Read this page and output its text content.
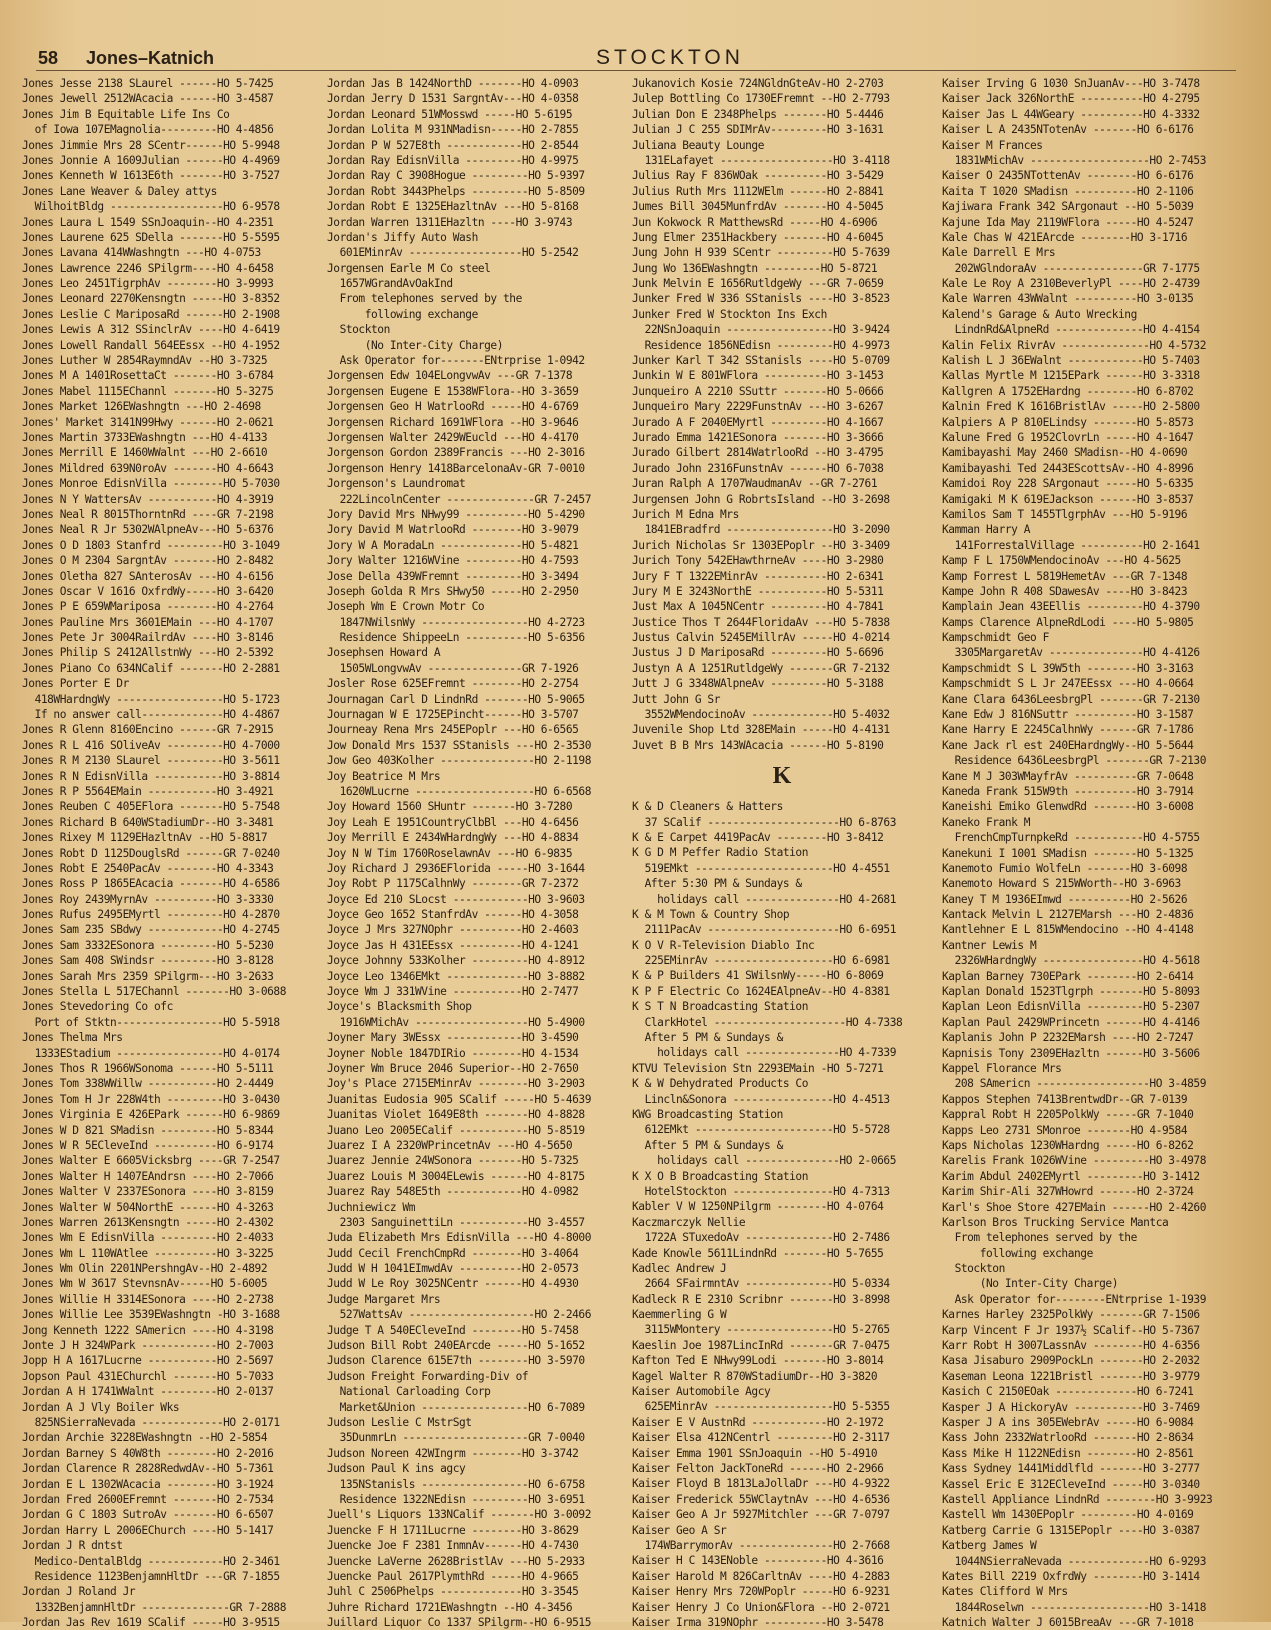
58 Jones–Katnich	STOCKTON
Jones Jesse 2138 SLaurel ------HO 5-7425
Jones Jewell 2512WAcacia ------HO 3-4587
Jones Jim B Equitable Life Ins Co
of Iowa 107EMagnolia---------HO 4-4856
Jones Jimmie Mrs 28 SCentr------HO 5-9948
Jones Jonnie A 1609Julian ------HO 4-4969
Jones Kenneth W 1613E6th -------HO 3-7527
Jones Lane Weaver & Daley attys
WilhoitBldg ------------------HO 6-9578
Jones Laura L 1549 SSnJoaquin--HO 4-2351
Jones Laurene 625 SDella -------HO 5-5595
Jones Lavana 414WWashngtn ---HO 4-0753
Jones Lawrence 2246 SPilgrm----HO 4-6458
Jones Leo 2451TigrphAv --------HO 3-9993
Jones Leonard 2270Kensngtn -----HO 3-8352
Jones Leslie C MariposaRd ------HO 2-1908
Jones Lewis A 312 SSinclrAv ----HO 4-6419
Jones Lowell Randall 564EEssx --HO 4-1952
Jones Luther W 2854RaymndAv --HO 3-7325
Jones M A 1401RosettaCt -------HO 3-6784
Jones Mabel 1115EChannl -------HO 5-3275
Jones Market 126EWashngtn ---HO 2-4698
Jones' Market 3141N99Hwy ------HO 2-0621
Jones Martin 3733EWashngtn ---HO 4-4133
Jones Merrill E 1460WWalnt ---HO 2-6610
Jones Mildred 639N0roAv -------HO 4-6643
Jones Monroe EdisnVilla --------HO 5-7030
Jones N Y WattersAv -----------HO 4-3919
Jones Neal R 8015ThorntnRd ----GR 7-2198
Jones Neal R Jr 5302WAlpneAv---HO 5-6376
Jones O D 1803 Stanfrd ---------HO 3-1049
Jones O M 2304 SargntAv -------HO 2-8482
Jones Oletha 827 SAnterosAv ---HO 4-6156
Jones Oscar V 1616 OxfrdWy-----HO 3-6420
Jones P E 659WMariposa --------HO 4-2764
Jones Pauline Mrs 3601EMain ---HO 4-1707
Jones Pete Jr 3004RailrdAv ----HO 3-8146
Jones Philip S 2412AllstnWy ---HO 2-5392
Jones Piano Co 634NCalif -------HO 2-2881
Jones Porter E Dr
418WHardngWy -----------------HO 5-1723
If no answer call-------------HO 4-4867
Jones R Glenn 8160Encino ------GR 7-2915
Jones R L 416 SOliveAv ---------HO 4-7000
Jones R M 2130 SLaurel ---------HO 3-5611
Jones R N EdisnVilla -----------HO 3-8814
Jones R P 5564EMain -----------HO 3-4921
Jones Reuben C 405EFlora -------HO 5-7548
Jones Richard B 640WStadiumDr--HO 3-3481
Jones Rixey M 1129EHazltnAv --HO 5-8817
Jones Robt D 1125DouglsRd ------GR 7-0240
Jones Robt E 2540PacAv --------HO 4-3343
Jones Ross P 1865EAcacia -------HO 4-6586
Jones Roy 2439MyrnAv ----------HO 3-3330
Jones Rufus 2495EMyrtl ---------HO 4-2870
Jones Sam 235 SBdwy ------------HO 4-2745
Jones Sam 3332ESonora ---------HO 5-5230
Jones Sam 408 SWindsr ---------HO 3-8128
Jones Sarah Mrs 2359 SPilgrm---HO 3-2633
Jones Stella L 517EChannl -------HO 3-0688
Jones Stevedoring Co ofc
Port of Stktn-----------------HO 5-5918
Jones Thelma Mrs
1333EStadium -----------------HO 4-0174
Jones Thos R 1966WSonoma ------HO 5-5111
Jones Tom 338WWillw -----------HO 2-4449
Jones Tom H Jr 228W4th ---------HO 3-0430
Jones Virginia E 426EPark ------HO 6-9869
Jones W D 821 SMadisn ---------HO 5-8344
Jones W R 5ECleveInd ----------HO 6-9174
Jones Walter E 6605Vicksbrg ----GR 7-2547
Jones Walter H 1407EAndrsn ----HO 2-7066
Jones Walter V 2337ESonora ----HO 3-8159
Jones Walter W 504NorthE ------HO 4-3263
Jones Warren 2613Kensngtn -----HO 2-4302
Jones Wm E EdisnVilla ---------HO 2-4033
Jones Wm L 110WAtlee ----------HO 3-3225
Jones Wm Olin 2201NPershngAv--HO 2-4892
Jones Wm W 3617 StevnsnAv-----HO 5-6005
Jones Willie H 3314ESonora ----HO 2-2738
Jones Willie Lee 3539EWashngtn -HO 3-1688
Jong Kenneth 1222 SAmericn ----HO 4-3198
Jonte J H 324WPark ------------HO 2-7003
Jopp H A 1617Lucrne -----------HO 2-5697
Jopson Paul 431EChurchl -------HO 5-7033
Jordan A H 1741WWalnt ---------HO 2-0137
Jordan A J Vly Boiler Wks
825NSierraNevada -------------HO 2-0171
Jordan Archie 3228EWashngtn --HO 2-5854
Jordan Barney S 40W8th --------HO 2-2016
Jordan Clarence R 2828RedwdAv--HO 5-7361
Jordan E L 1302WAcacia --------HO 3-1924
Jordan Fred 2600EFremnt -------HO 2-7534
Jordan G C 1803 SutroAv -------HO 6-6507
Jordan Harry L 2006EChurch ----HO 5-1417
Jordan J R dntst
Medico-DentalBldg ------------HO 2-3461
Residence 1123BenjamnHltDr ---GR 7-1855
Jordan J Roland Jr
1332BenjamnHltDr --------------GR 7-2888
Jordan Jas Rev 1619 SCalif -----HO 3-9515
Jordan Jas B 1424NorthD -------HO 4-0903
Jordan Jerry D 1531 SargntAv---HO 4-0358
Jordan Leonard 51WMosswd -----HO 5-6195
Jordan Lolita M 931NMadisn-----HO 2-7855
Jordan P W 527E8th ------------HO 2-8544
Jordan Ray EdisnVilla ---------HO 4-9975
Jordan Ray C 3908Hogue ---------HO 5-9397
Jordan Robt 3443Phelps ---------HO 5-8509
Jordan Robt E 1325EHazltnAv ---HO 5-8168
Jordan Warren 1311EHazltn ----HO 3-9743
Jordan's Jiffy Auto Wash
601EMinrAv ------------------HO 5-2542
Jorgensen Earle M Co steel
1657WGrandAvOakInd
From telephones served by the
following exchange
Stockton
(No Inter-City Charge)
Ask Operator for-------ENtrprise 1-0942
Jorgensen Edw 104ELongvwAv ---GR 7-1378
Jorgensen Eugene E 1538WFlora--HO 3-3659
Jorgensen Geo H WatrlooRd -----HO 4-6769
Jorgensen Richard 1691WFlora --HO 3-9646
Jorgensen Walter 2429WEucld ---HO 4-4170
Jorgenson Gordon 2389Francis ---HO 2-3016
Jorgenson Henry 1418BarcelonaAv-GR 7-0010
Jorgenson's Laundromat
222LincolnCenter --------------GR 7-2457
Jory David Mrs NHwy99 ----------HO 5-4290
Jory David M WatrlooRd --------HO 3-9079
Jory W A MoradaLn -------------HO 5-4821
Jory Walter 1216WVine ---------HO 4-7593
Jose Della 439WFremnt ---------HO 3-3494
Joseph Golda R Mrs SHwy50 -----HO 2-2950
Joseph Wm E Crown Motr Co
1847NWilsnWy -----------------HO 4-2723
Residence ShippeeLn ----------HO 5-6356
Josephsen Howard A
1505WLongvwAv ---------------GR 7-1926
Josler Rose 625EFremnt --------HO 2-2754
Journagan Carl D LindnRd -------HO 5-9065
Journagan W E 1725EPincht------HO 3-5707
Journeay Rena Mrs 245EPoplr ---HO 6-6565
Jow Donald Mrs 1537 SStanisls ---HO 2-3530
Jow Geo 403Kolher ---------------HO 2-1198
Joy Beatrice M Mrs
1620WLucrne -------------------HO 6-6568
Joy Howard 1560 SHuntr -------HO 3-7280
Joy Leah E 1951CountryClbBl ---HO 4-6456
Joy Merrill E 2434WHardngWy ---HO 4-8834
Joy N W Tim 1760RoselawnAv ---HO 6-9835
Joy Richard J 2936EFlorida -----HO 3-1644
Joy Robt P 1175CalhnWy --------GR 7-2372
Joyce Ed 210 SLocst ------------HO 3-9603
Joyce Geo 1652 StanfrdAv ------HO 4-3058
Joyce J Mrs 327NOphr ----------HO 2-4603
Joyce Jas H 431EEssx ----------HO 4-1241
Joyce Johnny 533Kolher ---------HO 4-8912
Joyce Leo 1346EMkt -------------HO 3-8882
Joyce Wm J 331WVine -----------HO 2-7477
Joyce's Blacksmith Shop
1916WMichAv ------------------HO 5-4900
Joyner Mary 3WEssx ------------HO 3-4590
Joyner Noble 1847DIRio --------HO 4-1534
Joyner Wm Bruce 2046 Superior--HO 2-7650
Joy's Place 2715EMinrAv --------HO 3-2903
Juanitas Eudosia 905 SCalif -----HO 5-4639
Juanitas Violet 1649E8th -------HO 4-8828
Juano Leo 2005ECalif -----------HO 5-8519
Juarez I A 2320WPrincetnAv ---HO 4-5650
Juarez Jennie 24WSonora -------HO 5-7325
Juarez Louis M 3004ELewis ------HO 4-8175
Juarez Ray 548E5th ------------HO 4-0982
Juchniewicz Wm
2303 SanguinettiLn -----------HO 3-4557
Juda Elizabeth Mrs EdisnVilla ---HO 4-8000
Judd Cecil FrenchCmpRd --------HO 3-4064
Judd W H 1041EImwdAv ----------HO 2-0573
Judd W Le Roy 3025NCentr ------HO 4-4930
Judge Margaret Mrs
527WattsAv --------------------HO 2-2466
Judge T A 540ECleveInd --------HO 5-7458
Judson Bill Robt 240EArcde -----HO 5-1652
Judson Clarence 615E7th --------HO 3-5970
Judson Freight Forwarding-Div of
National Carloading Corp
Market&Union -----------------HO 6-7089
Judson Leslie C MstrSgt
35DunmrLn --------------------GR 7-0040
Judson Noreen 42WIngrm --------HO 3-3742
Judson Paul K ins agcy
135NStanisls -----------------HO 6-6758
Residence 1322NEdisn ---------HO 3-6951
Juell's Liquors 133NCalif -------HO 3-0092
Juencke F H 1711Lucrne --------HO 3-8629
Juencke Joe F 2381 InmnAv------HO 4-7430
Juencke LaVerne 2628BristlAv ---HO 5-2933
Juencke Paul 2617PlymthRd -----HO 4-9665
Juhl C 2506Phelps -------------HO 3-3545
Juhre Richard 1721EWashngtn --HO 4-3456
Juillard Liquor Co 1337 SPilgrm--HO 6-9515
Jukanovich Kosie 724NGldnGteAv-HO 2-2703
Julep Bottling Co 1730EFremnt --HO 2-7793
Julian Don E 2348Phelps -------HO 5-4446
Julian J C 255 SDIMrAv---------HO 3-1631
Juliana Beauty Lounge
131ELafayet ------------------HO 3-4118
Julius Ray F 836WOak ----------HO 3-5429
Julius Ruth Mrs 1112WElm ------HO 2-8841
Jumes Bill 3045MunfrdAv -------HO 4-5045
Jun Kokwock R MatthewsRd -----HO 4-6906
Jung Elmer 2351Hackbery -------HO 4-6045
Jung John H 939 SCentr ---------HO 5-7639
Jung Wo 136EWashngtn ---------HO 5-8721
Junk Melvin E 1656RutldgeWy ---GR 7-0659
Junker Fred W 336 SStanisls ----HO 3-8523
Junker Fred W Stockton Ins Exch
22NSnJoaquin -----------------HO 3-9424
Residence 1856NEdisn ---------HO 4-9973
Junker Karl T 342 SStanisls ----HO 5-0709
Junkin W E 801WFlora ----------HO 3-1453
Junqueiro A 2210 SSuttr -------HO 5-0666
Junqueiro Mary 2229FunstnAv ---HO 3-6267
Jurado A F 2040EMyrtl ---------HO 4-1667
Jurado Emma 1421ESonora -------HO 3-3666
Jurado Gilbert 2814WatrlooRd --HO 3-4795
Jurado John 2316FunstnAv ------HO 6-7038
Juran Ralph A 1707WaudmanAv --GR 7-2761
Jurgensen John G RobrtsIsland --HO 3-2698
Jurich M Edna Mrs
1841EBradfrd -----------------HO 3-2090
Jurich Nicholas Sr 1303EPoplr --HO 3-3409
Jurich Tony 542EHawthrneAv ----HO 3-2980
Jury F T 1322EMinrAv ----------HO 2-6341
Jury M E 3243NorthE -----------HO 5-5311
Just Max A 1045NCentr ---------HO 4-7841
Justice Thos T 2644FloridaAv ---HO 5-7838
Justus Calvin 5245EMillrAv -----HO 4-0214
Justus J D MariposaRd ---------HO 5-6696
Justyn A A 1251RutldgeWy -------GR 7-2132
Jutt J G 3348WAlpneAv ---------HO 5-3188
Jutt John G Sr
3552WMendocinoAv -------------HO 5-4032
Juvenile Shop Ltd 328EMain -----HO 4-4131
Juvet B B Mrs 143WAcacia ------HO 5-8190
K
K & D Cleaners & Hatters
37 SCalif ---------------------HO 6-8763
K & E Carpet 4419PacAv --------HO 3-8412
K G D M Peffer Radio Station
519EMkt ----------------------HO 4-4551
After 5:30 PM & Sundays &
holidays call ---------------HO 4-2681
K & M Town & Country Shop
2111PacAv ---------------------HO 6-6951
K O V R-Television Diablo Inc
225EMinrAv -------------------HO 6-6981
K & P Builders 41 SWilsnWy-----HO 6-8069
K P F Electric Co 1624EAlpneAv--HO 4-8381
K S T N Broadcasting Station
ClarkHotel ---------------------HO 4-7338
After 5 PM & Sundays &
holidays call ---------------HO 4-7339
KTVU Television Stn 2293EMain -HO 5-7271
K & W Dehydrated Products Co
Lincln&Sonora ----------------HO 4-4513
KWG Broadcasting Station
612EMkt ----------------------HO 5-5728
After 5 PM & Sundays &
holidays call ---------------HO 2-0665
K X O B Broadcasting Station
HotelStockton ----------------HO 4-7313
Kabler V W 1250NPilgrm --------HO 4-0764
Kaczmarczyk Nellie
1722A STuxedoAv --------------HO 2-7486
Kade Knowle 5611LindnRd -------HO 5-7655
Kadlec Andrew J
2664 SFairmntAv --------------HO 5-0334
Kadleck R E 2310 Scribnr -------HO 3-8998
Kaemmerling G W
3115WMontery -----------------HO 5-2765
Kaeslin Joe 1987LincInRd -------GR 7-0475
Kafton Ted E NHwy99Lodi -------HO 3-8014
Kagel Walter R 870WStadiumDr--HO 3-3820
Kaiser Automobile Agcy
625EMinrAv -------------------HO 5-5355
Kaiser E V AustnRd ------------HO 2-1972
Kaiser Elsa 412NCentrl ---------HO 2-3117
Kaiser Emma 1901 SSnJoaquin --HO 5-4910
Kaiser Felton JackToneRd ------HO 2-2966
Kaiser Floyd B 1813LaJollaDr ---HO 4-9322
Kaiser Frederick 55WClaytnAv ---HO 4-6536
Kaiser Geo A Jr 5927Mitchler ---GR 7-0797
Kaiser Geo A Sr
174WBarrymorAv ---------------HO 2-7668
Kaiser H C 143ENoble ----------HO 4-3616
Kaiser Harold M 826CarltnAv ----HO 4-2883
Kaiser Henry Mrs 720WPoplr -----HO 6-9231
Kaiser Henry J Co Union&Flora --HO 2-0721
Kaiser Irma 319NOphr ----------HO 3-5478
Kaiser Irving G 1030 SnJuanAv---HO 3-7478
Kaiser Jack 326NorthE ----------HO 4-2795
Kaiser Jas L 44WGeary ----------HO 4-3332
Kaiser L A 2435NTotenAv -------HO 6-6176
Kaiser M Frances
1831WMichAv -------------------HO 2-7453
Kaiser O 2435NTottenAv --------HO 6-6176
Kaita T 1020 SMadisn ----------HO 2-1106
Kajiwara Frank 342 SArgonaut --HO 5-5039
Kajune Ida May 2119WFlora -----HO 4-5247
Kale Chas W 421EArcde --------HO 3-1716
Kale Darrell E Mrs
202WGlndoraAv ----------------GR 7-1775
Kale Le Roy A 2310BeverlyPl ----HO 2-4739
Kale Warren 43WWalnt ----------HO 3-0135
Kalend's Garage & Auto Wrecking
LindnRd&AlpneRd --------------HO 4-4154
Kalin Felix RivrAv --------------HO 4-5732
Kalish L J 36EWalnt ------------HO 5-7403
Kallas Myrtle M 1215EPark ------HO 3-3318
Kallgren A 1752EHardng --------HO 6-8702
Kalnin Fred K 1616BristlAv -----HO 2-5800
Kalpiers A P 810ELindsy -------HO 5-8573
Kalune Fred G 1952ClovrLn -----HO 4-1647
Kamibayashi May 2460 SMadisn--HO 4-0690
Kamibayashi Ted 2443EScottsAv--HO 4-8996
Kamidoi Roy 228 SArgonaut -----HO 5-6335
Kamigaki M K 619EJackson ------HO 3-8537
Kamilos Sam T 1455TlgrphAv ---HO 5-9196
Kamman Harry A
141ForrestalVillage ----------HO 2-1641
Kamp F L 1750WMendocinoAv ---HO 4-5625
Kamp Forrest L 5819HemetAv ---GR 7-1348
Kampe John R 408 SDawesAv ----HO 3-8423
Kamplain Jean 43EEllis ---------HO 4-3790
Kamps Clarence AlpneRdLodi ----HO 5-9805
Kampschmidt Geo F
3305MargaretAv ---------------HO 4-4126
Kampschmidt S L 39W5th --------HO 3-3163
Kampschmidt S L Jr 247EEssx ---HO 4-0664
Kane Clara 6436LeesbrgPl -------GR 7-2130
Kane Edw J 816NSuttr ----------HO 3-1587
Kane Harry E 2245CalhnWy ------GR 7-1786
Kane Jack rl est 240EHardngWy--HO 5-5644
Residence 6436LeesbrgPl -------GR 7-2130
Kane M J 303WMayfrAv ----------GR 7-0648
Kaneda Frank 515W9th ----------HO 3-7914
Kaneishi Emiko GlenwdRd -------HO 3-6008
Kaneko Frank M
FrenchCmpTurnpkeRd -----------HO 4-5755
Kanekuni I 1001 SMadisn -------HO 5-1325
Kanemoto Fumio WolfeLn -------HO 3-6098
Kanemoto Howard S 215WWorth--HO 3-6963
Kaney T M 1936EImwd ----------HO 2-5626
Kantack Melvin L 2127EMarsh ---HO 2-4836
Kantlehner E L 815WMendocino --HO 4-4148
Kantner Lewis M
2326WHardngWy ----------------HO 4-5618
Kaplan Barney 730EPark --------HO 2-6414
Kaplan Donald 1523Tlgrph -------HO 5-8093
Kaplan Leon EdisnVilla ---------HO 5-2307
Kaplan Paul 2429WPrincetn ------HO 4-4146
Kaplanis John P 2232EMarsh ----HO 2-7247
Kapnisis Tony 2309EHazltn ------HO 3-5606
Kappel Florance Mrs
208 SAmericn ------------------HO 3-4859
Kappos Stephen 7413BrentwdDr--GR 7-0139
Kappral Robt H 2205PolkWy -----GR 7-1040
Kapps Leo 2731 SMonroe -------HO 4-9584
Kaps Nicholas 1230WHardng -----HO 6-8262
Karelis Frank 1026WVine ---------HO 3-4978
Karim Abdul 2402EMyrtl ---------HO 3-1412
Karim Shir-Ali 327WHowrd ------HO 2-3724
Karl's Shoe Store 427EMain ------HO 2-4260
Karlson Bros Trucking Service Mantca
From telephones served by the
following exchange
Stockton
(No Inter-City Charge)
Ask Operator for--------ENtrprise 1-1939
Karnes Harley 2325PolkWy -------GR 7-1506
Karp Vincent F Jr 1937½ SCalif--HO 5-7367
Karr Robt H 3007LassnAv --------HO 4-6356
Kasa Jisaburo 2909PockLn -------HO 2-2032
Kaseman Leona 1221Bristl -------HO 3-9779
Kasich C 2150EOak -------------HO 6-7241
Kasper J A HickoryAv -----------HO 3-7469
Kasper J A ins 305EWebrAv -----HO 6-9084
Kass John 2332WatrlooRd -------HO 2-8634
Kass Mike H 1122NEdisn --------HO 2-8561
Kass Sydney 1441Middlfld -------HO 3-2777
Kassel Eric E 312ECleveInd -----HO 3-0340
Kastell Appliance LindnRd --------HO 3-9923
Kastell Wm 1430EPoplr ---------HO 4-0169
Katberg Carrie G 1315EPoplr ----HO 3-0387
Katberg James W
1044NSierraNevada -------------HO 6-9293
Kates Bill 2219 OxfrdWy --------HO 3-1414
Kates Clifford W Mrs
1844Roselwn -------------------HO 3-1418
Katnich Walter J 6015BreaAv ---GR 7-1018
